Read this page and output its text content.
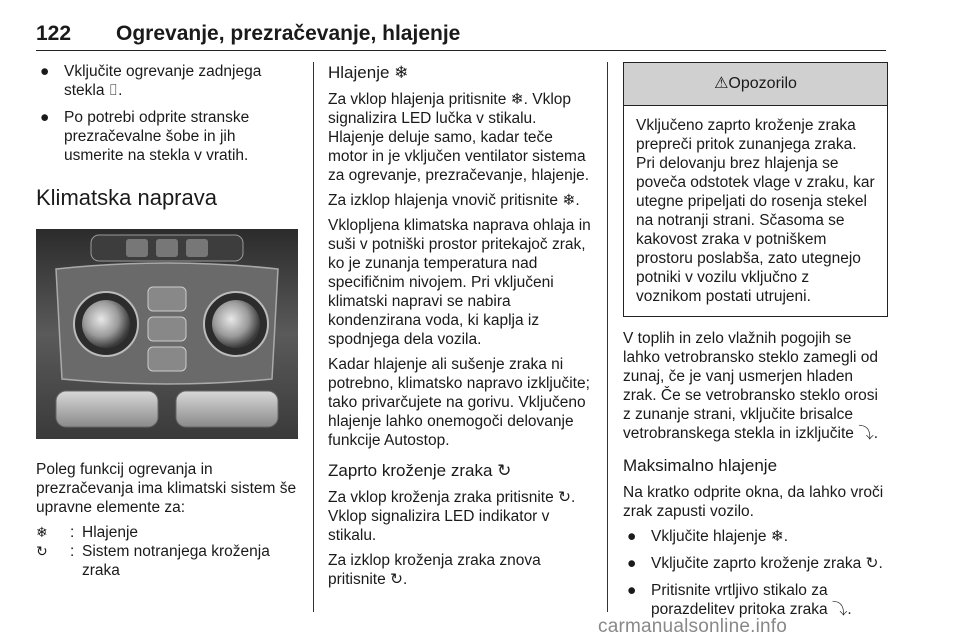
122 Ogrevanje, prezračevanje, hlajenje
● Vključite ogrevanje zadnjega stekla ⌷.
● Po potrebi odprite stranske prezračevalne šobe in jih usmerite na stekla v vratih.
Klimatska naprava

Poleg funkcij ogrevanja in prezračevanja ima klimatski sistem še upravne elemente za:

❄	: Hlajenje
↻	: Sistem notranjega kroženja zraka
Hlajenje ❄

Za vklop hlajenja pritisnite ❄. Vklop signalizira LED lučka v stikalu. Hlajenje deluje samo, kadar teče motor in je vključen ventilator sistema za ogrevanje, prezračevanje, hlajenje.

Za izklop hlajenja vnovič pritisnite ❄.

Vklopljena klimatska naprava ohlaja in suši v potniški prostor pritekajoč zrak, ko je zunanja temperatura nad specifičnim nivojem. Pri vključeni klimatski napravi se nabira kondenzirana voda, ki kaplja iz spodnjega dela vozila.

Kadar hlajenje ali sušenje zraka ni potrebno, klimatsko napravo izključite; tako privarčujete na gorivu. Vključeno hlajenje lahko onemogoči delovanje funkcije Autostop.

Zaprto kroženje zraka ↻

Za vklop kroženja zraka pritisnite ↻. Vklop signalizira LED indikator v stikalu.

Za izklop kroženja zraka znova pritisnite ↻.

⚠Opozorilo
Vključeno zaprto kroženje zraka prepreči pritok zunanjega zraka. Pri delovanju brez hlajenja se poveča odstotek vlage v zraku, kar utegne pripeljati do rosenja stekel na notranji strani. Sčasoma se kakovost zraka v potniškem prostoru poslabša, zato utegnejo potniki v vozilu vključno z voznikom postati utrujeni.

V toplih in zelo vlažnih pogojih se lahko vetrobransko steklo zamegli od zunaj, če je vanj usmerjen hladen zrak. Če se vetrobransko steklo orosi z zunanje strani, vključite brisalce vetrobranskega stekla in izključite ⤵.

Maksimalno hlajenje

Na kratko odprite okna, da lahko vroči zrak zapusti vozilo.

● Vključite hlajenje ❄.
● Vključite zaprto kroženje zraka ↻.
● Pritisnite vrtljivo stikalo za porazdelitev pritoka zraka ⤵.
carmanualsonline.info
